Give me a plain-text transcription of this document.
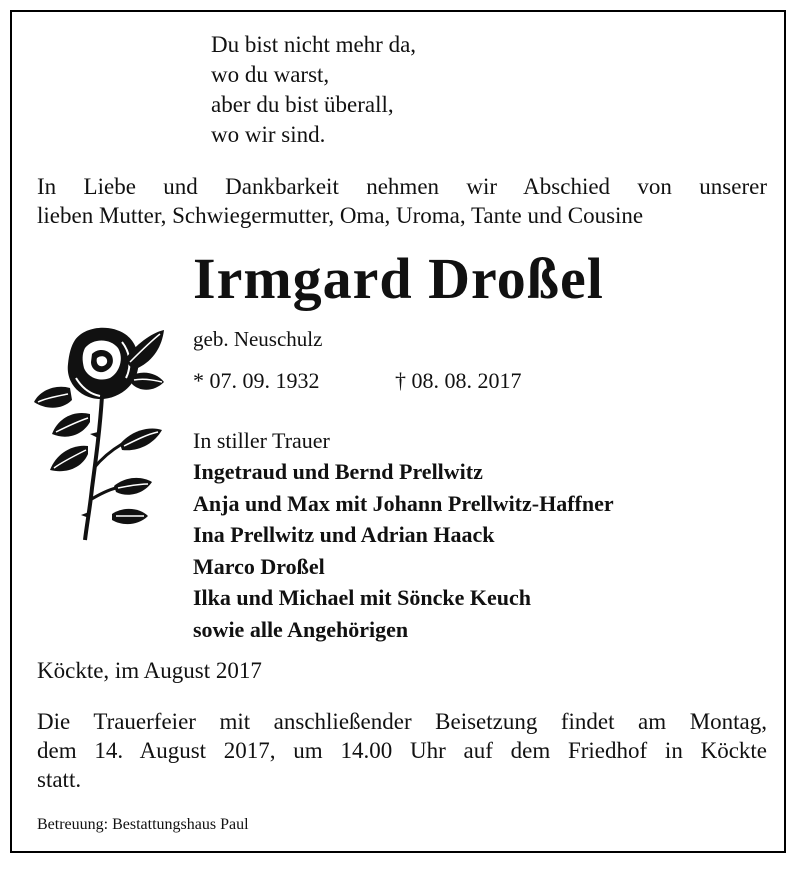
Du bist nicht mehr da,
wo du warst,
aber du bist überall,
wo wir sind.
In Liebe und Dankbarkeit nehmen wir Abschied von unserer
lieben Mutter, Schwiegermutter, Oma, Uroma, Tante und Cousine
Irmgard Droßel
geb. Neuschulz
* 07. 09. 1932	† 08. 08. 2017
In stiller Trauer
Ingetraud und Bernd Prellwitz
Anja und Max mit Johann Prellwitz-Haffner
Ina Prellwitz und Adrian Haack
Marco Droßel
Ilka und Michael mit Söncke Keuch
sowie alle Angehörigen
Köckte, im August 2017
Die Trauerfeier mit anschließender Beisetzung findet am Montag,
dem 14. August 2017, um 14.00 Uhr auf dem Friedhof in Köckte
statt.
Betreuung: Bestattungshaus Paul
